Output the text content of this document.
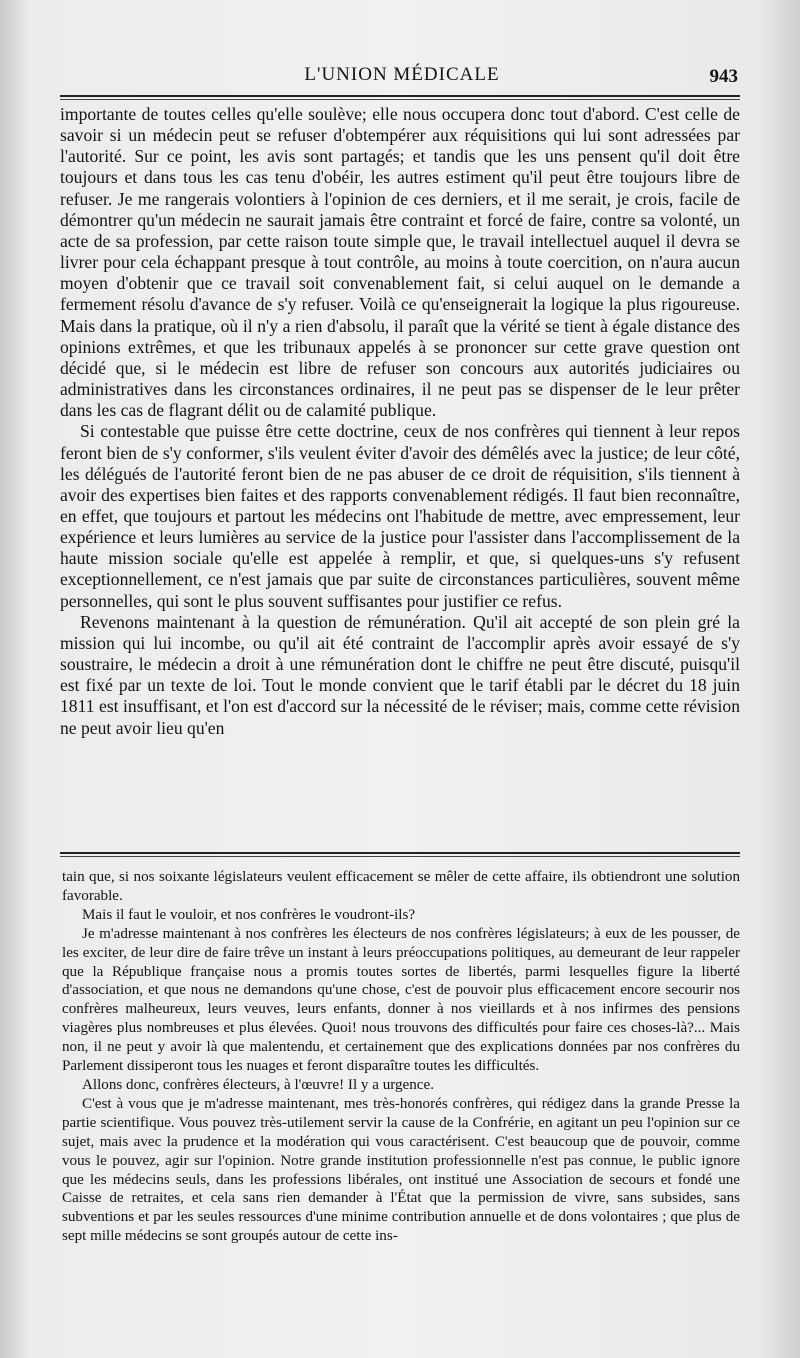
L'UNION MÉDICALE	943

importante de toutes celles qu'elle soulève; elle nous occupera donc tout d'abord. C'est celle de savoir si un médecin peut se refuser d'obtempérer aux réquisitions qui lui sont adressées par l'autorité. Sur ce point, les avis sont partagés; et tandis que les uns pensent qu'il doit être toujours et dans tous les cas tenu d'obéir, les autres estiment qu'il peut être toujours libre de refuser. Je me rangerais volontiers à l'opinion de ces derniers, et il me serait, je crois, facile de démontrer qu'un médecin ne saurait jamais être contraint et forcé de faire, contre sa volonté, un acte de sa profession, par cette raison toute simple que, le travail intellectuel auquel il devra se livrer pour cela échappant presque à tout contrôle, au moins à toute coercition, on n'aura aucun moyen d'obtenir que ce travail soit convenablement fait, si celui auquel on le demande a fermement résolu d'avance de s'y refuser. Voilà ce qu'enseignerait la logique la plus rigoureuse. Mais dans la pratique, où il n'y a rien d'absolu, il paraît que la vérité se tient à égale distance des opinions extrêmes, et que les tribunaux appelés à se prononcer sur cette grave question ont décidé que, si le médecin est libre de refuser son concours aux autorités judiciaires ou administratives dans les circonstances ordinaires, il ne peut pas se dispenser de le leur prêter dans les cas de flagrant délit ou de calamité publique.

Si contestable que puisse être cette doctrine, ceux de nos confrères qui tiennent à leur repos feront bien de s'y conformer, s'ils veulent éviter d'avoir des démêlés avec la justice; de leur côté, les délégués de l'autorité feront bien de ne pas abuser de ce droit de réquisition, s'ils tiennent à avoir des expertises bien faites et des rapports convenablement rédigés. Il faut bien reconnaître, en effet, que toujours et partout les médecins ont l'habitude de mettre, avec empressement, leur expérience et leurs lumières au service de la justice pour l'assister dans l'accomplissement de la haute mission sociale qu'elle est appelée à remplir, et que, si quelques-uns s'y refusent exceptionnellement, ce n'est jamais que par suite de circonstances particulières, souvent même personnelles, qui sont le plus souvent suffisantes pour justifier ce refus.

Revenons maintenant à la question de rémunération. Qu'il ait accepté de son plein gré la mission qui lui incombe, ou qu'il ait été contraint de l'accomplir après avoir essayé de s'y soustraire, le médecin a droit à une rémunération dont le chiffre ne peut être discuté, puisqu'il est fixé par un texte de loi. Tout le monde convient que le tarif établi par le décret du 18 juin 1811 est insuffisant, et l'on est d'accord sur la nécessité de le réviser; mais, comme cette révision ne peut avoir lieu qu'en

tain que, si nos soixante législateurs veulent efficacement se mêler de cette affaire, ils obtiendront une solution favorable.

Mais il faut le vouloir, et nos confrères le voudront-ils?

Je m'adresse maintenant à nos confrères les électeurs de nos confrères législateurs; à eux de les pousser, de les exciter, de leur dire de faire trêve un instant à leurs préoccupations politiques, au demeurant de leur rappeler que la République française nous a promis toutes sortes de libertés, parmi lesquelles figure la liberté d'association, et que nous ne demandons qu'une chose, c'est de pouvoir plus efficacement encore secourir nos confrères malheureux, leurs veuves, leurs enfants, donner à nos vieillards et à nos infirmes des pensions viagères plus nombreuses et plus élevées. Quoi! nous trouvons des difficultés pour faire ces choses-là?... Mais non, il ne peut y avoir là que malentendu, et certainement que des explications données par nos confrères du Parlement dissiperont tous les nuages et feront disparaître toutes les difficultés.

Allons donc, confrères électeurs, à l'œuvre! Il y a urgence.

C'est à vous que je m'adresse maintenant, mes très-honorés confrères, qui rédigez dans la grande Presse la partie scientifique. Vous pouvez très-utilement servir la cause de la Confrérie, en agitant un peu l'opinion sur ce sujet, mais avec la prudence et la modération qui vous caractérisent. C'est beaucoup que de pouvoir, comme vous le pouvez, agir sur l'opinion. Notre grande institution professionnelle n'est pas connue, le public ignore que les médecins seuls, dans les professions libérales, ont institué une Association de secours et fondé une Caisse de retraites, et cela sans rien demander à l'État que la permission de vivre, sans subsides, sans subventions et par les seules ressources d'une minime contribution annuelle et de dons volontaires ; que plus de sept mille médecins se sont groupés autour de cette ins-
